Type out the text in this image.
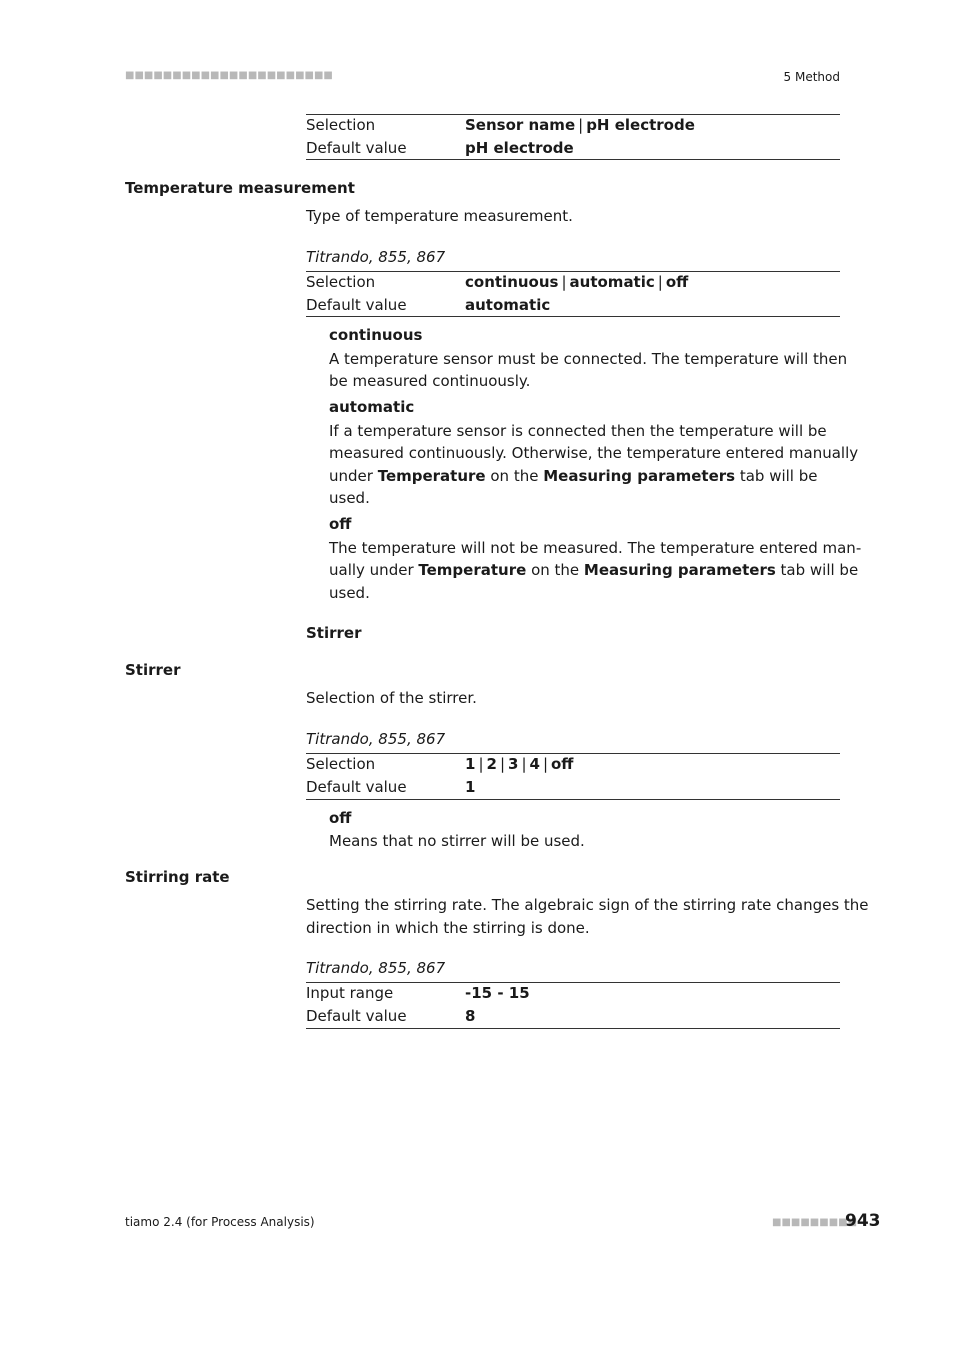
■■■■■■■■■■■■■■■■■■■■■■	5 Method
Selection	Sensor name | pH electrode
Default value	pH electrode
Temperature measurement
Type of temperature measurement.
Titrando, 855, 867
Selection	continuous | automatic | off
Default value	automatic
continuous
A temperature sensor must be connected. The temperature will then
be measured continuously.
automatic
If a temperature sensor is connected then the temperature will be
measured continuously. Otherwise, the temperature entered manually
under Temperature on the Measuring parameters tab will be
used.
off
The temperature will not be measured. The temperature entered man-
ually under Temperature on the Measuring parameters tab will be
used.
Stirrer
Stirrer
Selection of the stirrer.
Titrando, 855, 867
Selection	1 | 2 | 3 | 4 | off
Default value	1
off
Means that no stirrer will be used.
Stirring rate
Setting the stirring rate. The algebraic sign of the stirring rate changes the
direction in which the stirring is done.
Titrando, 855, 867
Input range	-15 - 15
Default value	8
tiamo 2.4 (for Process Analysis)	■■■■■■■■■
943
